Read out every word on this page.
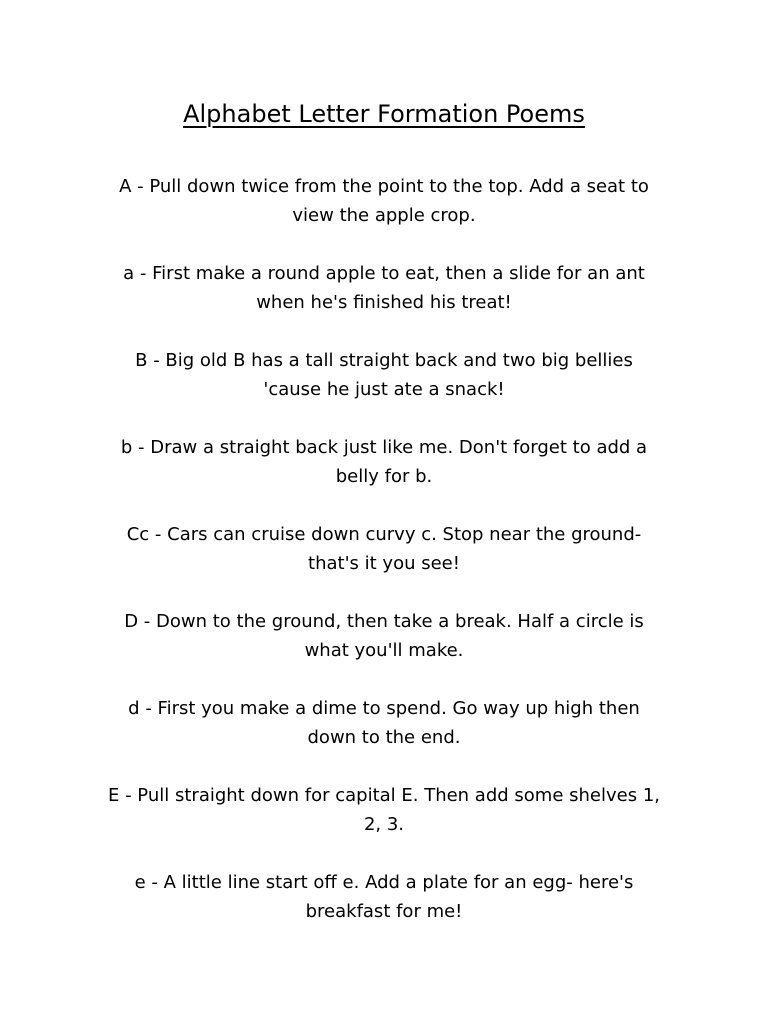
Alphabet Letter Formation Poems
A - Pull down twice from the point to the top. Add a seat to view the apple crop.
a - First make a round apple to eat, then a slide for an ant when he's finished his treat!
B - Big old B has a tall straight back and two big bellies 'cause he just ate a snack!
b - Draw a straight back just like me. Don't forget to add a belly for b.
Cc - Cars can cruise down curvy c. Stop near the ground- that's it you see!
D - Down to the ground, then take a break. Half a circle is what you'll make.
d - First you make a dime to spend. Go way up high then down to the end.
E - Pull straight down for capital E. Then add some shelves 1, 2, 3.
e - A little line start off e. Add a plate for an egg- here's breakfast for me!
